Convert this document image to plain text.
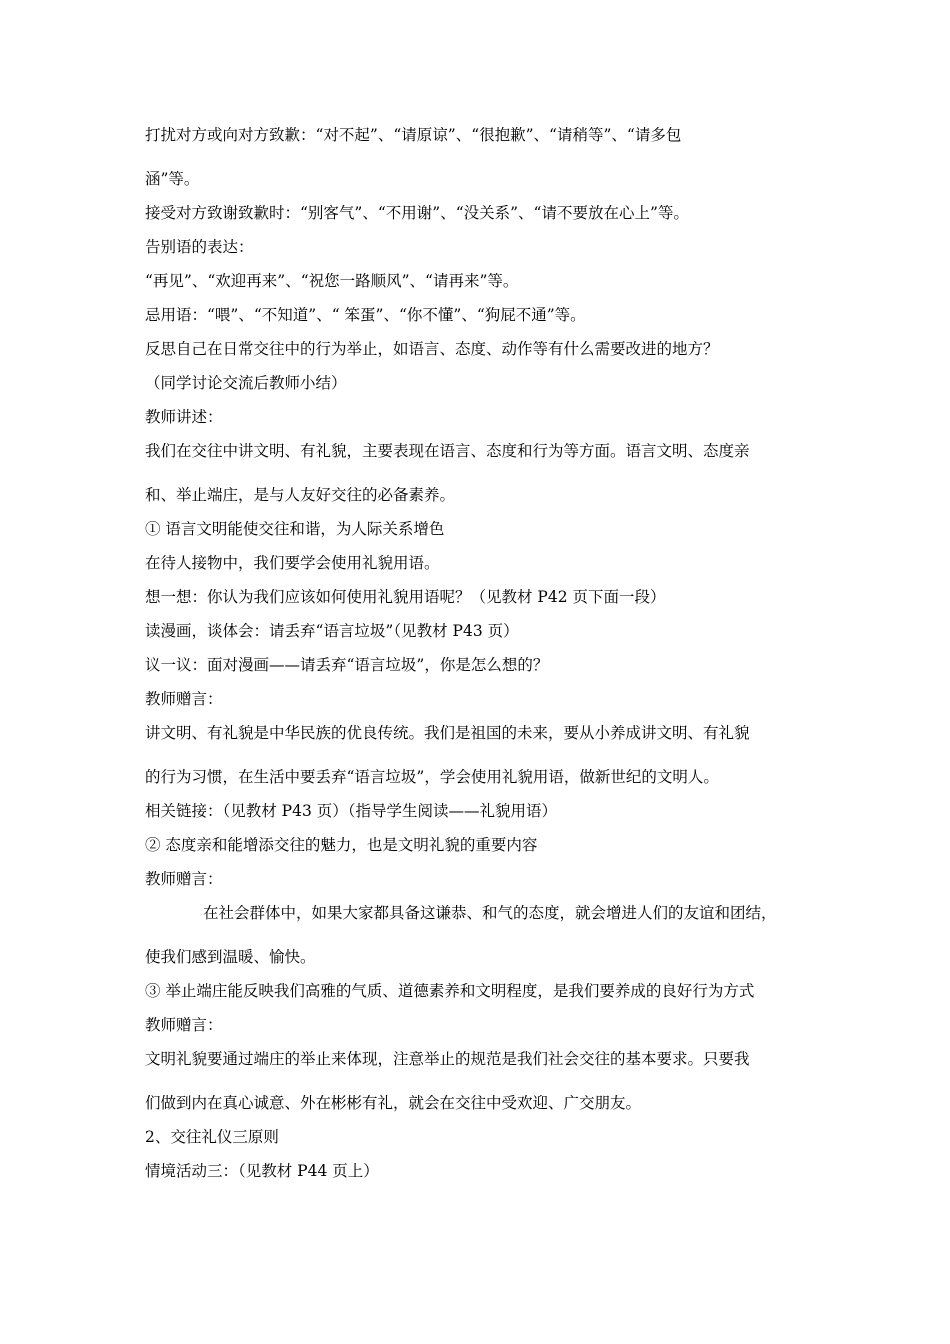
打扰对方或向对方致歉：“对不起”、“请原谅”、“很抱歉”、“请稍等”、“请多包
涵”等。
接受对方致谢致歉时：“别客气”、“不用谢”、“没关系”、“请不要放在心上”等。
告别语的表达：
“再见”、“欢迎再来”、“祝您一路顺风”、“请再来”等。
忌用语：“喂”、“不知道”、“ 笨蛋”、“你不懂”、“狗屁不通”等。
反思自己在日常交往中的行为举止，如语言、态度、动作等有什么需要改进的地方？
（同学讨论交流后教师小结）
教师讲述：
我们在交往中讲文明、有礼貌，主要表现在语言、态度和行为等方面。语言文明、态度亲
和、举止端庄，是与人友好交往的必备素养。
① 语言文明能使交往和谐，为人际关系增色
在待人接物中，我们要学会使用礼貌用语。
想一想：你认为我们应该如何使用礼貌用语呢？（见教材 P42 页下面一段）
读漫画，谈体会：请丢弃“语言垃圾”（见教材 P43 页）
议一议：面对漫画——请丢弃“语言垃圾”，你是怎么想的？
教师赠言：
讲文明、有礼貌是中华民族的优良传统。我们是祖国的未来，要从小养成讲文明、有礼貌
的行为习惯，在生活中要丢弃“语言垃圾”，学会使用礼貌用语，做新世纪的文明人。
相关链接：（见教材 P43 页）（指导学生阅读——礼貌用语）
② 态度亲和能增添交往的魅力，也是文明礼貌的重要内容
教师赠言：
在社会群体中，如果大家都具备这谦恭、和气的态度，就会增进人们的友谊和团结，
使我们感到温暖、愉快。
③ 举止端庄能反映我们高雅的气质、道德素养和文明程度，是我们要养成的良好行为方式
教师赠言：
文明礼貌要通过端庄的举止来体现，注意举止的规范是我们社会交往的基本要求。只要我
们做到内在真心诚意、外在彬彬有礼，就会在交往中受欢迎、广交朋友。
2、交往礼仪三原则
情境活动三：（见教材 P44 页上）
